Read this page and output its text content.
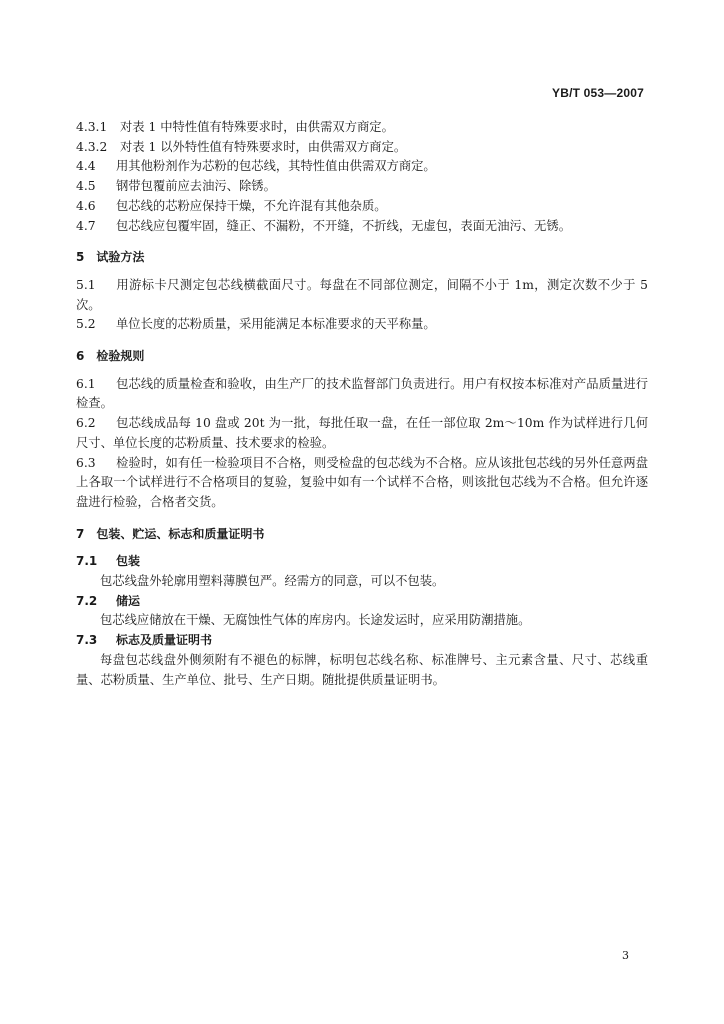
YB/T 053—2007

4.3.1 对表 1 中特性值有特殊要求时，由供需双方商定。

4.3.2 对表 1 以外特性值有特殊要求时，由供需双方商定。

4.4 用其他粉剂作为芯粉的包芯线，其特性值由供需双方商定。

4.5 钢带包覆前应去油污、除锈。

4.6 包芯线的芯粉应保持干燥，不允许混有其他杂质。

4.7 包芯线应包覆牢固，缝正、不漏粉，不开缝，不折线，无虚包，表面无油污、无锈。

5　试验方法

5.1 用游标卡尺测定包芯线横截面尺寸。每盘在不同部位测定，间隔不小于 1m，测定次数不少于 5 次。

5.2 单位长度的芯粉质量，采用能满足本标准要求的天平称量。

6　检验规则

6.1 包芯线的质量检查和验收，由生产厂的技术监督部门负责进行。用户有权按本标准对产品质量进行检查。

6.2 包芯线成品每 10 盘或 20t 为一批，每批任取一盘，在任一部位取 2m～10m 作为试样进行几何尺寸、单位长度的芯粉质量、技术要求的检验。

6.3 检验时，如有任一检验项目不合格，则受检盘的包芯线为不合格。应从该批包芯线的另外任意两盘上各取一个试样进行不合格项目的复验，复验中如有一个试样不合格，则该批包芯线为不合格。但允许逐盘进行检验，合格者交货。

7　包装、贮运、标志和质量证明书
7.1 包装

包芯线盘外轮廓用塑料薄膜包严。经需方的同意，可以不包装。

7.2 储运

包芯线应储放在干燥、无腐蚀性气体的库房内。长途发运时，应采用防潮措施。

7.3 标志及质量证明书

每盘包芯线盘外侧须附有不褪色的标牌，标明包芯线名称、标准牌号、主元素含量、尺寸、芯线重量、芯粉质量、生产单位、批号、生产日期。随批提供质量证明书。

3
